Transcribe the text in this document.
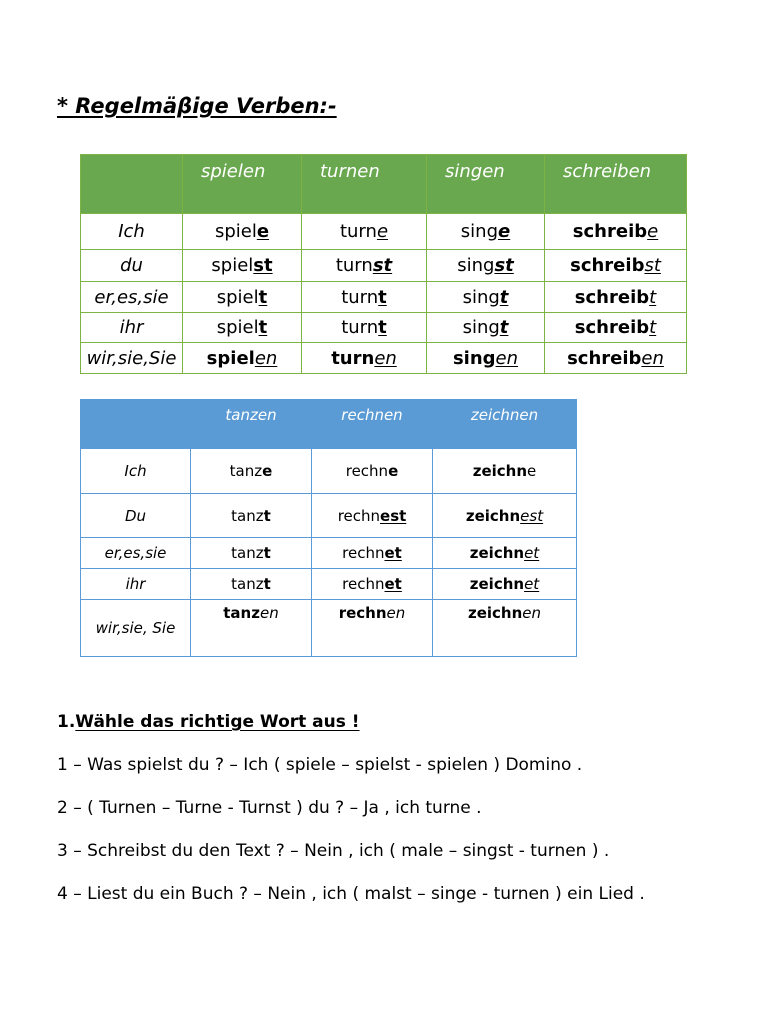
* Regelmäβige Verben:-
	spielen	turnen	singen	schreiben
Ich	spiele	turne	singe	schreibe
du	spielst	turnst	singst	schreibst
er,es,sie	spielt	turnt	singt	schreibt
ihr	spielt	turnt	singt	schreibt
wir,sie,Sie	spielen	turnen	singen	schreiben
	tanzen	rechnen	zeichnen
Ich	tanze	rechne	zeichne
Du	tanzt	rechnest	zeichnest
er,es,sie	tanzt	rechnet	zeichnet
ihr	tanzt	rechnet	zeichnet
wir,sie, Sie	tanzen	rechnen	zeichnen
1.Wähle das richtige Wort aus !
1 – Was spielst du ? – Ich ( spiele – spielst - spielen ) Domino .
2 – ( Turnen – Turne - Turnst ) du ? – Ja , ich turne .
3 – Schreibst du den Text ? – Nein , ich ( male – singst - turnen ) .
4 – Liest du ein Buch ? – Nein , ich ( malst – singe - turnen ) ein Lied .
